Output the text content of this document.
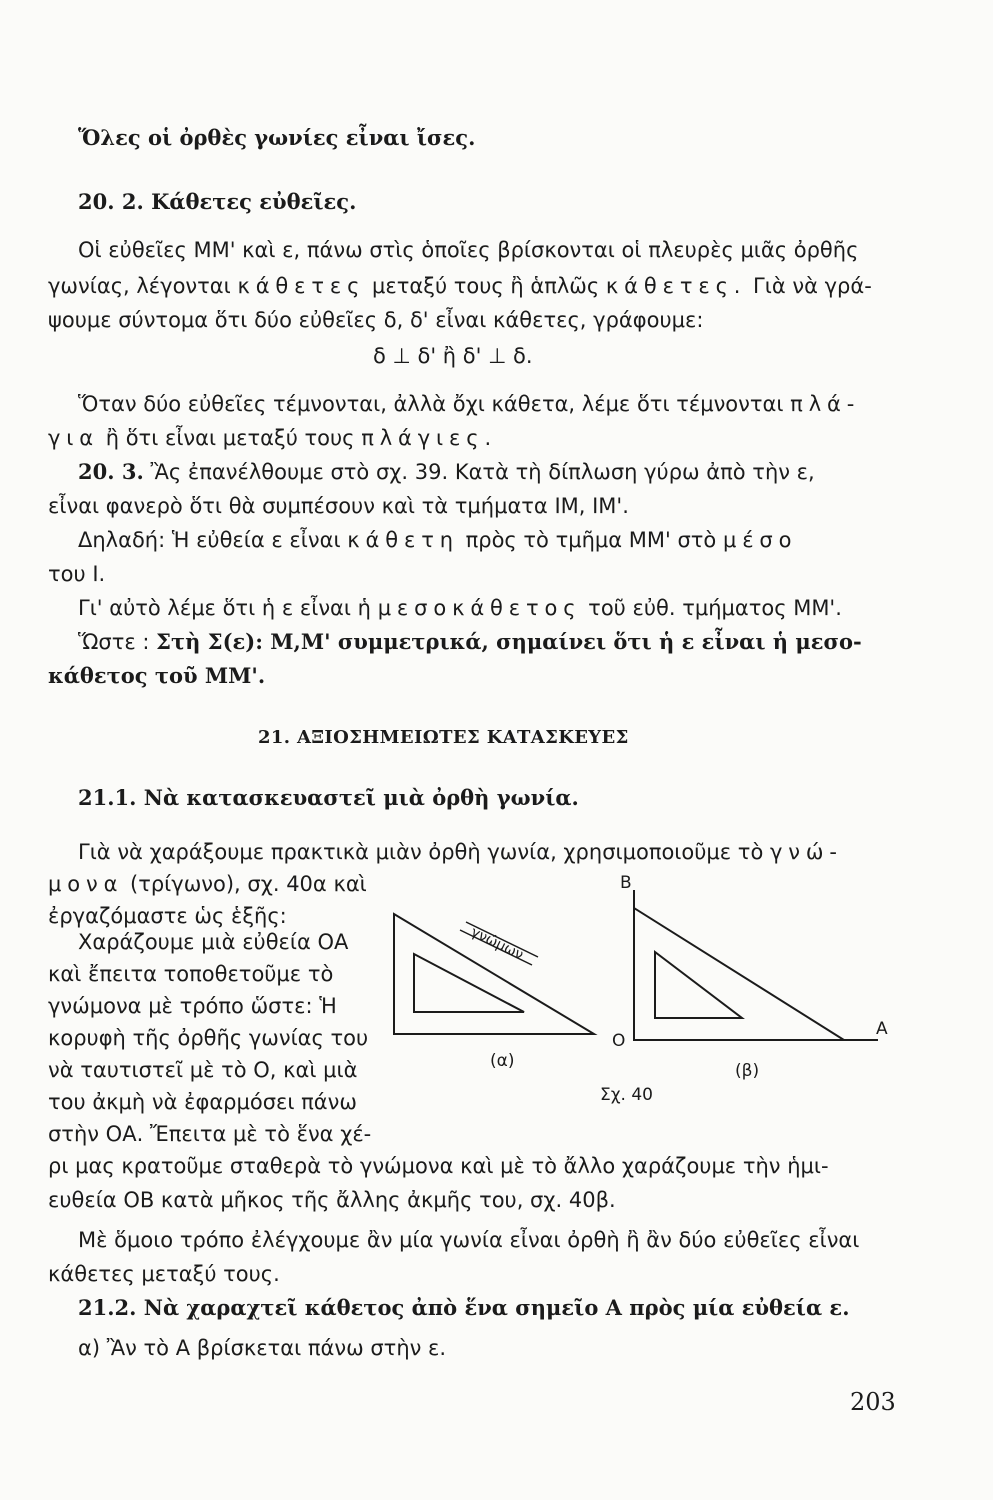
Ὅλες οἱ ὀρθὲς γωνίες εἶναι ἴσες.
20. 2. Κάθετες εὐθεῖες.
Οἱ εὐθεῖες ΜΜ' καὶ ε, πάνω στὶς ὁποῖες βρίσκονται οἱ πλευρὲς μιᾶς ὀρθῆς
γωνίας, λέγονται κάθετες μεταξύ τους ἢ ἁπλῶς κάθετες. Γιὰ νὰ γρά-
ψουμε σύντομα ὅτι δύο εὐθεῖες δ, δ' εἶναι κάθετες, γράφουμε:
δ ⊥ δ' ἢ δ' ⊥ δ.
Ὅταν δύο εὐθεῖες τέμνονται, ἀλλὰ ὄχι κάθετα, λέμε ὅτι τέμνονται πλά-
για ἢ ὅτι εἶναι μεταξύ τους πλάγιες.
20. 3. Ἂς ἐπανέλθουμε στὸ σχ. 39. Κατὰ τὴ δίπλωση γύρω ἀπὸ τὴν ε,
εἶναι φανερὸ ὅτι θὰ συμπέσουν καὶ τὰ τμήματα ΙΜ, ΙΜ'.
Δηλαδή: Ἡ εὐθεία ε εἶναι κάθετη πρὸς τὸ τμῆμα ΜΜ' στὸ μέσο
του Ι.
Γι' αὐτὸ λέμε ὅτι ἡ ε εἶναι ἡ μεσοκάθετος τοῦ εὐθ. τμήματος ΜΜ'.
Ὥστε : Στὴ Σ(ε): Μ,Μ' συμμετρικά, σημαίνει ὅτι ἡ ε εἶναι ἡ μεσο-
κάθετος τοῦ ΜΜ'.
21. ΑΞΙΟΣΗΜΕΙΩΤΕΣ ΚΑΤΑΣΚΕΥΕΣ
21.1. Νὰ κατασκευαστεῖ μιὰ ὀρθὴ γωνία.
Γιὰ νὰ χαράξουμε πρακτικὰ μιὰν ὀρθὴ γωνία, χρησιμοποιοῦμε τὸ γνώ-
μονα (τρίγωνο), σχ. 40α καὶ
ἐργαζόμαστε ὡς ἑξῆς:
Χαράζουμε μιὰ εὐθεία ΟΑ
καὶ ἔπειτα τοποθετοῦμε τὸ
γνώμονα μὲ τρόπο ὥστε: Ἡ
κορυφὴ τῆς ὀρθῆς γωνίας του
νὰ ταυτιστεῖ μὲ τὸ Ο, καὶ μιὰ
του ἀκμὴ νὰ ἐφαρμόσει πάνω
στὴν ΟΑ. Ἔπειτα μὲ τὸ ἕνα χέ-
ρι μας κρατοῦμε σταθερὰ τὸ γνώμονα καὶ μὲ τὸ ἄλλο χαράζουμε τὴν ἡμι-
ευθεία ΟΒ κατὰ μῆκος τῆς ἄλλης ἀκμῆς του, σχ. 40β.
Μὲ ὅμοιο τρόπο ἐλέγχουμε ἂν μία γωνία εἶναι ὀρθὴ ἢ ἂν δύο εὐθεῖες εἶναι
κάθετες μεταξύ τους.
21.2. Νὰ χαραχτεῖ κάθετος ἀπὸ ἕνα σημεῖο Α πρὸς μία εὐθεία ε.
α) Ἂν τὸ Α βρίσκεται πάνω στὴν ε.
γνώμων
(α)
Β
Ο
Α
(β)
Σχ. 40
203
